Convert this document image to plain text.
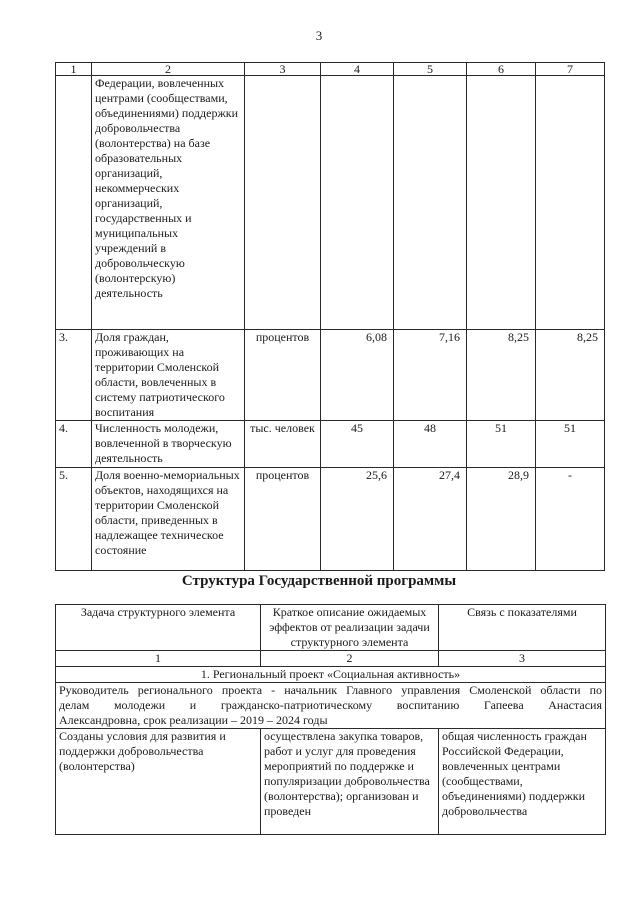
3
1	2	3	4	5	6	7
	Федерации, вовлеченных центрами (сообществами, объединениями) поддержки добровольчества (волонтерства) на базе образовательных организаций, некоммерческих организаций, государственных и муниципальных учреждений в добровольческую (волонтерскую) деятельность					
3.	Доля граждан, проживающих на территории Смоленской области, вовлеченных в систему патриотического воспитания	процентов	6,08	7,16	8,25	8,25
4.	Численность молодежи, вовлеченной в творческую деятельность	тыс. человек	45	48	51	51
5.	Доля военно-мемориальных объектов, находящихся на территории Смоленской области, приведенных в надлежащее техническое состояние	процентов	25,6	27,4	28,9	-
Структура Государственной программы
Задача структурного элемента	Краткое описание ожидаемых эффектов от реализации задачи структурного элемента	Связь с показателями
1	2	3
1. Региональный проект «Социальная активность»		

Руководитель регионального проекта - начальник Главного управления Смоленской области по
делам молодежи и гражданско-патриотическому воспитанию Гапеева Анастасия
Александровна, срок реализации – 2019 – 2024 годы		

Созданы условия для развития и поддержки добровольчества (волонтерства)	осуществлена закупка товаров, работ и услуг для проведения мероприятий по поддержке и популяризации добровольчества (волонтерства); организован и проведен	общая численность граждан Российской Федерации, вовлеченных центрами (сообществами, объединениями) поддержки добровольчества
